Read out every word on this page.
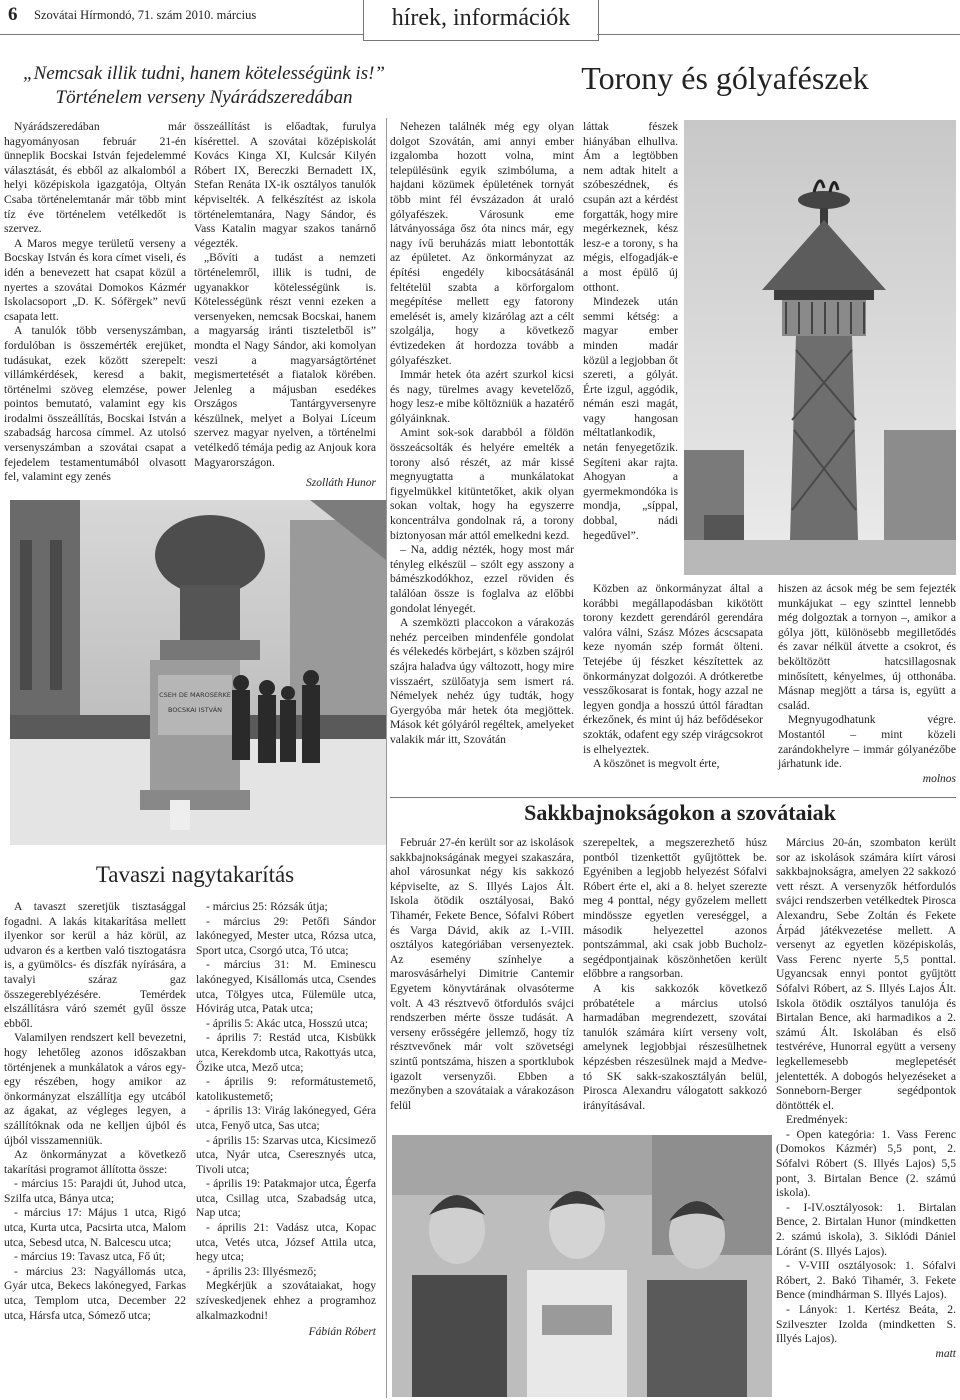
6 Szovátai Hírmondó, 71. szám 2010. március	hírek, információk
„Nemcsak illik tudni, hanem kötelességünk is!”
Történelem verseny Nyárádszeredában

Nyárádszeredában már hagyományosan február 21-én ünneplik Bocskai István fejedelemmé választását, és ebből az alkalomból a helyi középiskola igazgatója, Oltyán Csaba történelemtanár már több mint tíz éve történelem vetélkedőt is szervez.

A Maros megye területű verseny a Bocskay István és kora címet viseli, és idén a benevezett hat csapat közül a nyertes a szovátai Domokos Kázmér Iskolacsoport „D. K. Sófërgek” nevű csapata lett.

A tanulók több versenyszámban, fordulóban is összemérték erejüket, tudásukat, ezek között szerepelt: villámkérdések, keresd a bakit, történelmi szöveg elemzése, power pointos bemutató, valamint egy kis irodalmi összeállítás, Bocskai István a szabadság harcosa címmel. Az utolsó versenyszámban a szovátai csapat a fejedelem testamentumából olvasott fel, valamint egy zenés

összeállítást is előadtak, furulya kísérettel. A szovátai középiskolát Kovács Kinga XI, Kulcsár Kilyén Róbert IX, Bereczki Bernadett IX, Stefan Renáta IX-ik osztályos tanulók képviselték. A felkészítést az iskola történelemtanára, Nagy Sándor, és Vass Katalin magyar szakos tanárnő végezték.

„Bővíti a tudást a nemzeti történelemről, illik is tudni, de ugyanakkor kötelességünk is. Kötelességünk részt venni ezeken a versenyeken, nemcsak Bocskai, hanem a magyarság iránti tiszteletből is” mondta el Nagy Sándor, aki komolyan veszi a magyarságtörténet megismertetését a fiatalok körében. Jelenleg a májusban esedékes Országos Tantárgyversenyre készülnek, melyet a Bolyai Líceum szervez magyar nyelven, a történelmi vetélkedő témája pedig az Anjouk kora Magyarországon.

Szolláth Hunor
CSEH DE MAROSERKE
BOCSKAI ISTVÁN
Tavaszi nagytakarítás

A tavaszt szeretjük tisztasággal fogadni. A lakás kitakarítása mellett ilyenkor sor kerül a ház körül, az udvaron és a kertben való tisztogatásra is, a gyümölcs- és díszfák nyírására, a tavalyi száraz gaz összegereblyézésére. Temérdek elszállításra váró szemét gyűl össze ebből.

Valamilyen rendszert kell bevezetni, hogy lehetőleg azonos időszakban történjenek a munkálatok a város egy-egy részében, hogy amikor az önkormányzat elszállítja egy utcából az ágakat, az végleges legyen, a szállítóknak oda ne kelljen újból és újból visszamenniük.

Az önkormányzat a következő takarítási programot állította össze:

- március 15: Parajdi út, Juhod utca, Szilfa utca, Bánya utca;

- március 17: Május 1 utca, Rigó utca, Kurta utca, Pacsirta utca, Malom utca, Sebesd utca, N. Balcescu utca;

- március 19: Tavasz utca, Fő út;

- március 23: Nagyállomás utca, Gyár utca, Bekecs lakónegyed, Farkas utca, Templom utca, December 22 utca, Hársfa utca, Sómező utca;

- március 25: Rózsák útja;

- március 29: Petőfi Sándor lakónegyed, Mester utca, Rózsa utca, Sport utca, Csorgó utca, Tó utca;

- március 31: M. Eminescu lakónegyed, Kisállomás utca, Csendes utca, Tölgyes utca, Fülemüle utca, Hóvirág utca, Patak utca;

- április 5: Akác utca, Hosszú utca;

- április 7: Restád utca, Kisbükk utca, Kerekdomb utca, Rakottyás utca, Őzike utca, Mező utca;

- április 9: reformátustemető, katolikustemető;

- április 13: Virág lakónegyed, Géra utca, Fenyő utca, Sas utca;

- április 15: Szarvas utca, Kicsimező utca, Nyár utca, Cseresznyés utca, Tivoli utca;

- április 19: Patakmajor utca, Égerfa utca, Csillag utca, Szabadság utca, Nap utca;

- április 21: Vadász utca, Kopac utca, Vetés utca, József Attila utca, hegy utca;

- április 23: Illyésmező;

Megkérjük a szovátaiakat, hogy szíveskedjenek ehhez a programhoz alkalmazkodni!

Fábián Róbert
Torony és gólyafészek

Nehezen találnék még egy olyan dolgot Szovátán, ami annyi ember izgalomba hozott volna, mint településünk egyik szimbóluma, a hajdani közümek épületének tornyát több mint fél évszázadon át uraló gólyafészek. Városunk eme látványossága ősz óta nincs már, egy nagy ívű beruházás miatt lebontották az épületet. Az önkormányzat az építési engedély kibocsátásánál feltételül szabta a körforgalom megépítése mellett egy fatorony emelését is, amely kizárólag azt a célt szolgálja, hogy a következő évtizedeken át hordozza tovább a gólyafészket.

Immár hetek óta azért szurkol kicsi és nagy, türelmes avagy kevetelőző, hogy lesz-e mibe költözniük a hazatérő gólyáinknak.

Amint sok-sok darabból a földön összeácsolták és helyére emelték a torony alsó részét, az már kissé megnyugtatta a munkálatokat figyelmükkel kitüntetőket, akik olyan sokan voltak, hogy ha egyszerre koncentrálva gondolnak rá, a torony biztonyosan már attól emelkedni kezd.

– Na, addig nézték, hogy most már tényleg elkészül – szólt egy asszony a bámészkodókhoz, ezzel röviden és találóan össze is foglalva az előbbi gondolat lényegét.

A szemközti placcokon a várakozás nehéz perceiben mindenféle gondolat és vélekedés körbejárt, s közben szájról szájra haladva úgy változott, hogy mire visszaért, szülőatyja sem ismert rá. Némelyek nehéz úgy tudták, hogy Gyergyóba már hetek óta megjöttek. Mások két gólyáról regéltek, amelyeket valakik már itt, Szovátán

láttak fészek hiányában elhullva. Ám a legtöbben nem adtak hitelt a szóbeszédnek, és csupán azt a kérdést forgatták, hogy mire megérkeznek, kész lesz-e a torony, s ha mégis, elfogadják-e a most épülő új otthont.

Mindezek után semmi kétség: a magyar ember minden madár közül a legjobban őt szereti, a gólyát. Érte izgul, aggódik, némán eszi magát, vagy hangosan méltatlankodik, netán fenyegetőzik. Segíteni akar rajta. Ahogyan a gyermekmondóka is mondja, „síppal, dobbal, nádi hegedűvel”.

Közben az önkormányzat által a korábbi megállapodásban kikötött torony kezdett gerendáról gerendára valóra válni, Szász Mózes ácscsapata keze nyomán szép formát ölteni. Tetejébe új fészket készítettek az önkormányzat dolgozói. A drótkeretbe vesszőkosarat is fontak, hogy azzal ne legyen gondja a hosszú úttól fáradtan érkezőnek, és mint új ház befődésekor szokták, odafent egy szép virágcsokrot is elhelyeztek.

A köszönet is megvolt érte,

hiszen az ácsok még be sem fejezték munkájukat – egy szinttel lennebb még dolgoztak a tornyon –, amikor a gólya jött, különösebb megilletődés és zavar nélkül átvette a csokrot, és beköltözött hatcsillagosnak minősített, kényelmes, új otthonába. Másnap megjött a társa is, együtt a család.

Megnyugodhatunk végre. Mostantól – mint közeli zarándokhelyre – immár gólyanézőbe járhatunk ide.

molnos
Sakkbajnokságokon a szovátaiak

Február 27-én került sor az iskolások sakkbajnokságának megyei szakaszára, ahol városunkat négy kis sakkozó képviselte, az S. Illyés Lajos Ált. Iskola ötödik osztályosai, Bakó Tihamér, Fekete Bence, Sófalvi Róbert és Varga Dávid, akik az I.-VIII. osztályos kategóriában versenyeztek. Az esemény színhelye a marosvásárhelyi Dimitrie Cantemir Egyetem könyvtárának olvasóterme volt. A 43 résztvevő ötfordulós svájci rendszerben mérte össze tudását. A verseny erősségére jellemző, hogy tíz résztvevőnek már volt szövetségi szintű pontszáma, hiszen a sportklubok igazolt versenyzői. Ebben a mezőnyben a szovátaiak a várakozáson felül

szerepeltek, a megszerezhető húsz pontból tizenkettőt gyűjtöttek be. Egyéniben a legjobb helyezést Sófalvi Róbert érte el, aki a 8. helyet szerezte meg 4 ponttal, négy győzelem mellett mindössze egyetlen vereséggel, a második helyezettel azonos pontszámmal, aki csak jobb Bucholz-segédpontjainak köszönhetően került előbbre a rangsorban.

A kis sakkozók következő próbatétele a március utolsó harmadában megrendezett, szovátai tanulók számára kiírt verseny volt, amelynek legjobbjai részesülhetnek képzésben részesülnek majd a Medve-tó SK sakk-szakosztályán belül, Pirosca Alexandru válogatott sakkozó irányításával.

Március 20-án, szombaton került sor az iskolások számára kiírt városi sakkbajnokságra, amelyen 22 sakkozó vett részt. A versenyzők hétfordulós svájci rendszerben vetélkedtek Pirosca Alexandru, Sebe Zoltán és Fekete Árpád játékvezetése mellett. A versenyt az egyetlen középiskolás, Vass Ferenc nyerte 5,5 ponttal. Ugyancsak ennyi pontot gyűjtött Sófalvi Róbert, az S. Illyés Lajos Ált. Iskola ötödik osztályos tanulója és Birtalan Bence, aki harmadikos a 2. számú Ált. Iskolában és első testvéréve, Hunorral együtt a verseny legkellemesebb meglepetését jelentették. A dobogós helyezéseket a Sonneborn-Berger segédpontok döntötték el.

Eredmények:

- Open kategória: 1. Vass Ferenc (Domokos Kázmér) 5,5 pont, 2. Sófalvi Róbert (S. Illyés Lajos) 5,5 pont, 3. Birtalan Bence (2. számú iskola).

- I-IV.osztályosok: 1. Birtalan Bence, 2. Birtalan Hunor (mindketten 2. számú iskola), 3. Siklódi Dániel Lóránt (S. Illyés Lajos).

- V-VIII osztályosok: 1. Sófalvi Róbert, 2. Bakó Tihamér, 3. Fekete Bence (mindhárman S. Illyés Lajos).

- Lányok: 1. Kertész Beáta, 2. Szilveszter Izolda (mindketten S. Illyés Lajos).

matt
